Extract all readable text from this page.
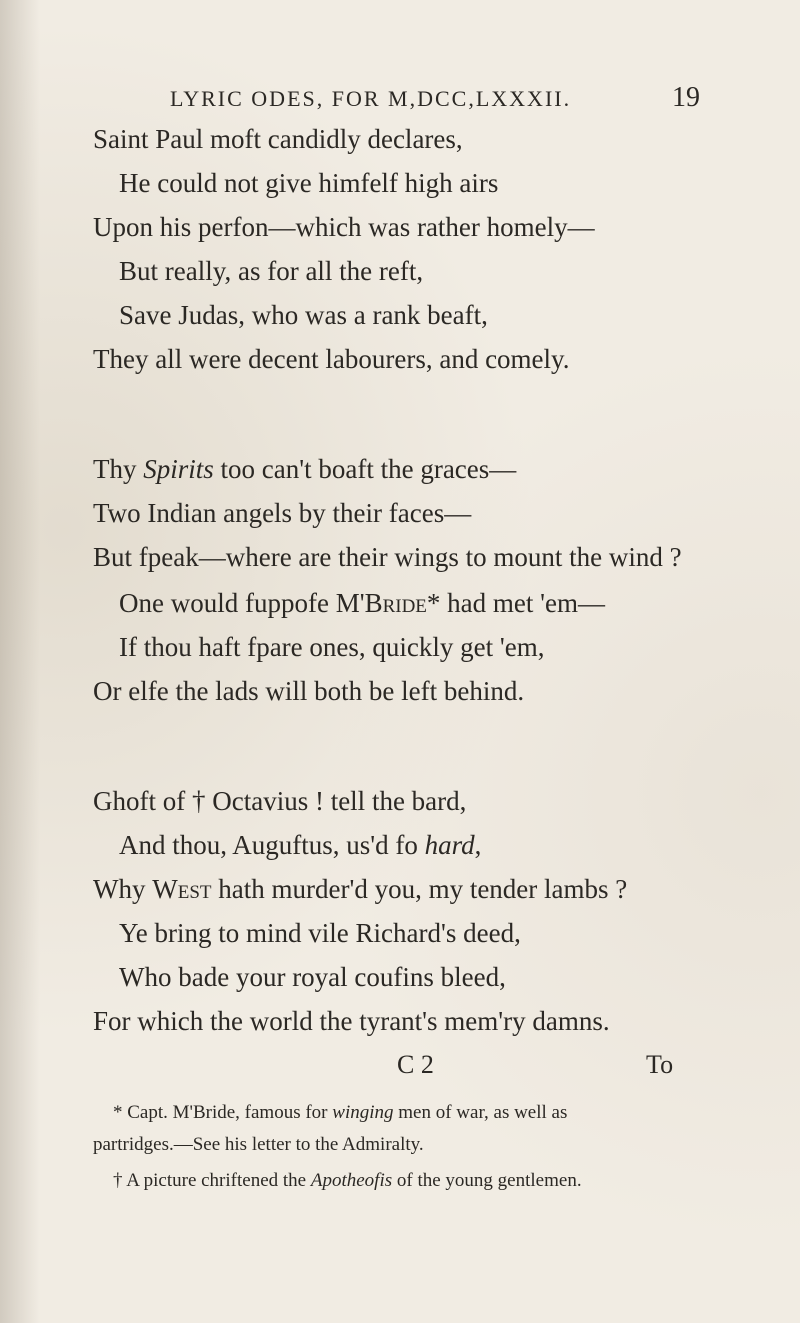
LYRIC ODES, FOR M,DCC,LXXXII.	19
Saint Paul moft candidly declares,
He could not give himfelf high airs
Upon his perfon—which was rather homely—
But really, as for all the reft,
Save Judas, who was a rank beaft,
They all were decent labourers, and comely.
Thy Spirits too can't boaft the graces—
Two Indian angels by their faces—
But fpeak—where are their wings to mount the wind ?
One would fuppofe M'Bride* had met 'em—
If thou haft fpare ones, quickly get 'em,
Or elfe the lads will both be left behind.
Ghoft of † Octavius ! tell the bard,
And thou, Auguftus, us'd fo hard,
Why West hath murder'd you, my tender lambs ?
Ye bring to mind vile Richard's deed,
Who bade your royal coufins bleed,
For which the world the tyrant's mem'ry damns.
C 2	To
* Capt. M'Bride, famous for winging men of war, as well as
partridges.—See his letter to the Admiralty.
† A picture chriftened the Apotheofis of the young gentlemen.
